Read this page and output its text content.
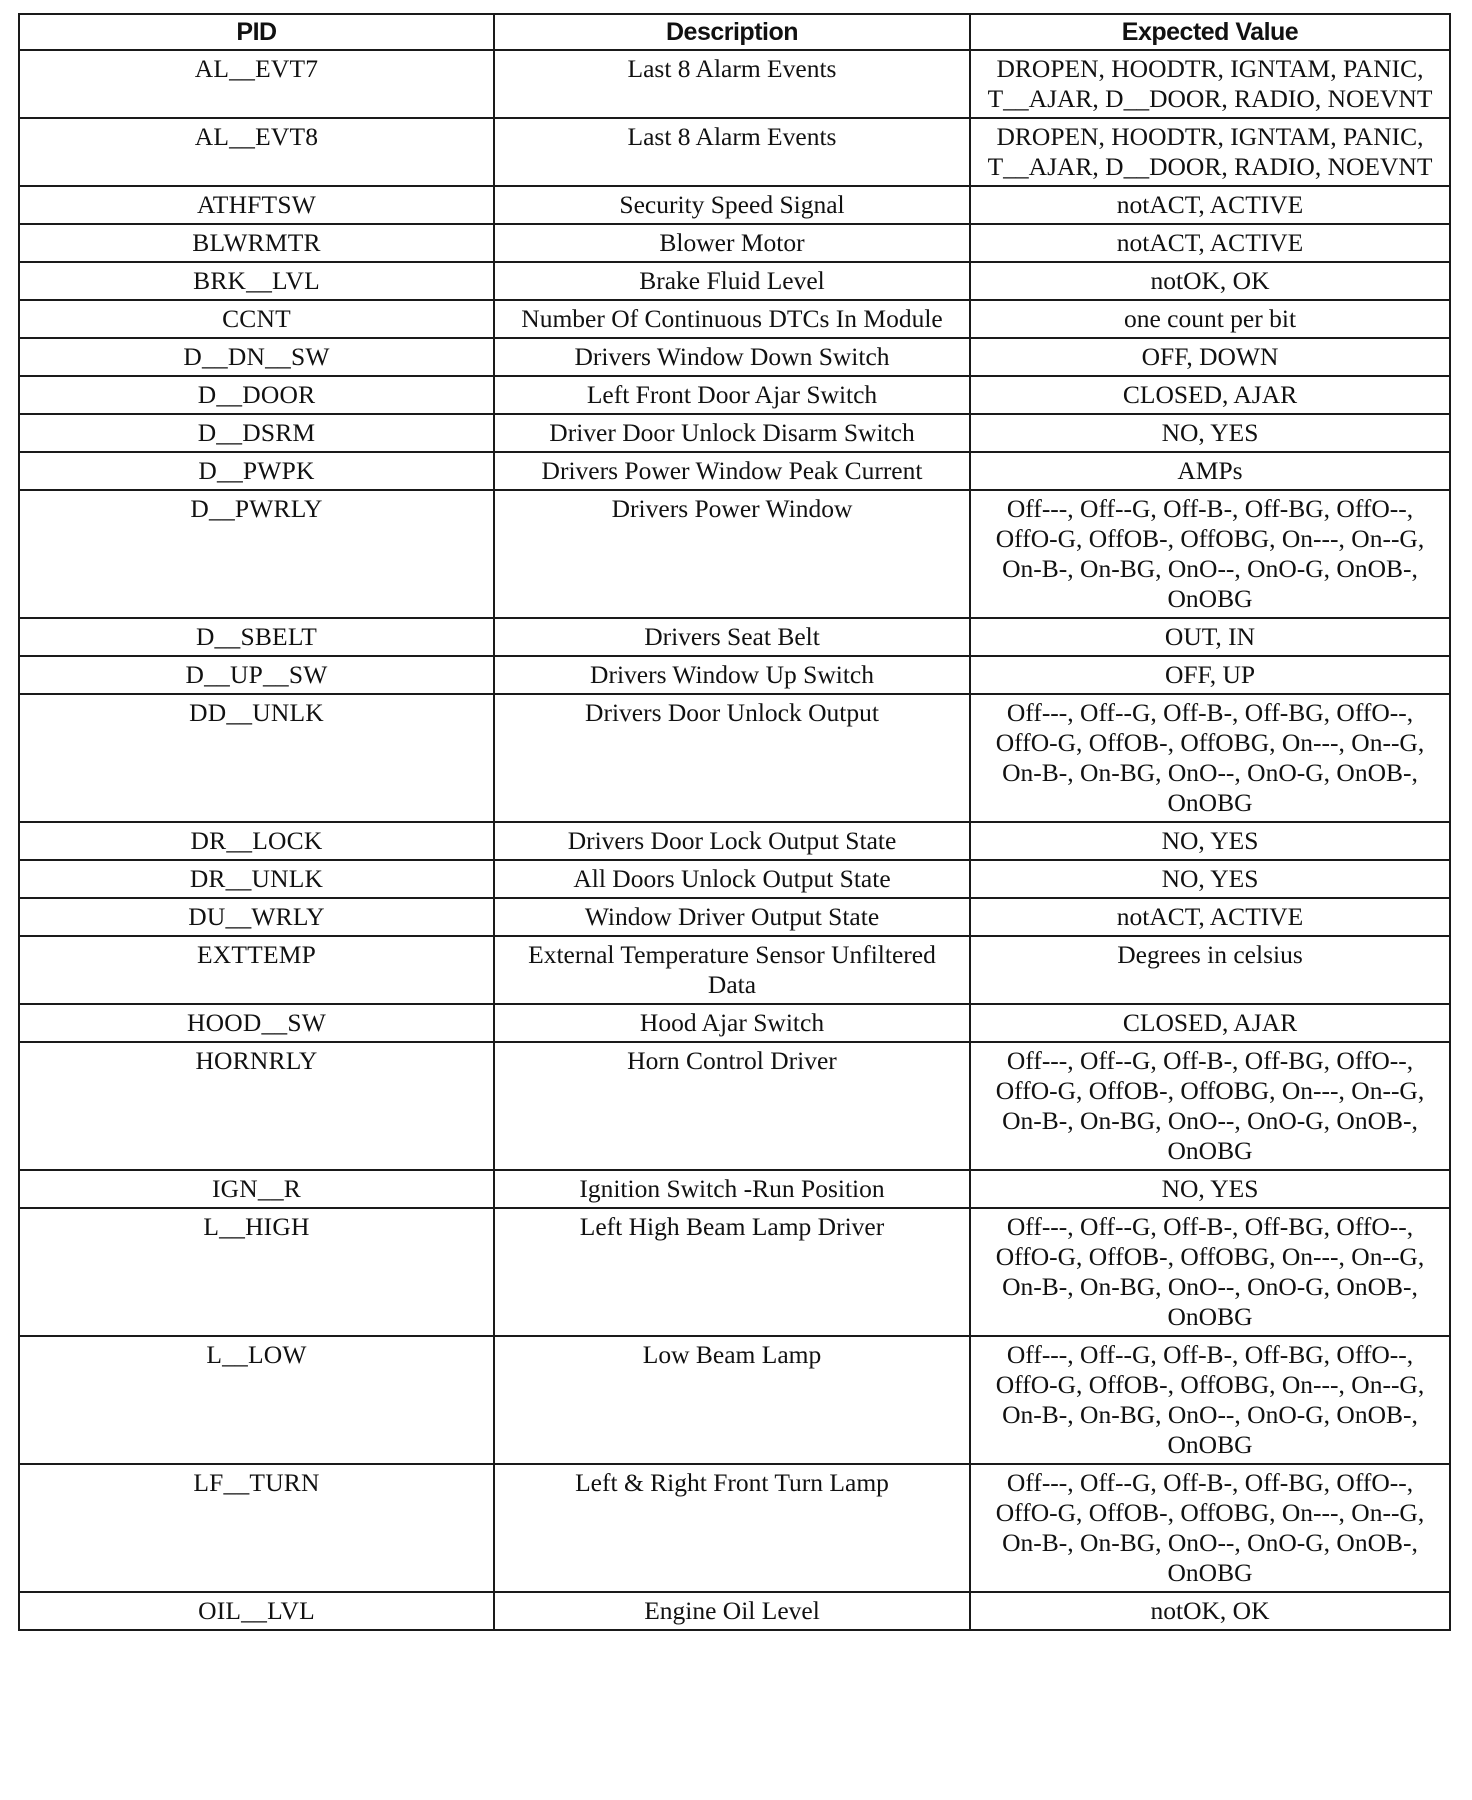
PID	Description	Expected Value
AL__EVT7	Last 8 Alarm Events	DROPEN, HOODTR, IGNTAM, PANIC, T__AJAR, D__DOOR, RADIO, NOEVNT
AL__EVT8	Last 8 Alarm Events	DROPEN, HOODTR, IGNTAM, PANIC, T__AJAR, D__DOOR, RADIO, NOEVNT
ATHFTSW	Security Speed Signal	notACT, ACTIVE
BLWRMTR	Blower Motor	notACT, ACTIVE
BRK__LVL	Brake Fluid Level	notOK, OK
CCNT	Number Of Continuous DTCs In Module	one count per bit
D__DN__SW	Drivers Window Down Switch	OFF, DOWN
D__DOOR	Left Front Door Ajar Switch	CLOSED, AJAR
D__DSRM	Driver Door Unlock Disarm Switch	NO, YES
D__PWPK	Drivers Power Window Peak Current	AMPs
D__PWRLY	Drivers Power Window	Off---, Off--G, Off-B-, Off-BG, OffO--, OffO-G, OffOB-, OffOBG, On---, On--G, On-B-, On-BG, OnO--, OnO-G, OnOB-, OnOBG
D__SBELT	Drivers Seat Belt	OUT, IN
D__UP__SW	Drivers Window Up Switch	OFF, UP
DD__UNLK	Drivers Door Unlock Output	Off---, Off--G, Off-B-, Off-BG, OffO--, OffO-G, OffOB-, OffOBG, On---, On--G, On-B-, On-BG, OnO--, OnO-G, OnOB-, OnOBG
DR__LOCK	Drivers Door Lock Output State	NO, YES
DR__UNLK	All Doors Unlock Output State	NO, YES
DU__WRLY	Window Driver Output State	notACT, ACTIVE
EXTTEMP	External Temperature Sensor Unfiltered Data	Degrees in celsius
HOOD__SW	Hood Ajar Switch	CLOSED, AJAR
HORNRLY	Horn Control Driver	Off---, Off--G, Off-B-, Off-BG, OffO--, OffO-G, OffOB-, OffOBG, On---, On--G, On-B-, On-BG, OnO--, OnO-G, OnOB-, OnOBG
IGN__R	Ignition Switch -Run Position	NO, YES
L__HIGH	Left High Beam Lamp Driver	Off---, Off--G, Off-B-, Off-BG, OffO--, OffO-G, OffOB-, OffOBG, On---, On--G, On-B-, On-BG, OnO--, OnO-G, OnOB-, OnOBG
L__LOW	Low Beam Lamp	Off---, Off--G, Off-B-, Off-BG, OffO--, OffO-G, OffOB-, OffOBG, On---, On--G, On-B-, On-BG, OnO--, OnO-G, OnOB-, OnOBG
LF__TURN	Left & Right Front Turn Lamp	Off---, Off--G, Off-B-, Off-BG, OffO--, OffO-G, OffOB-, OffOBG, On---, On--G, On-B-, On-BG, OnO--, OnO-G, OnOB-, OnOBG
OIL__LVL	Engine Oil Level	notOK, OK
